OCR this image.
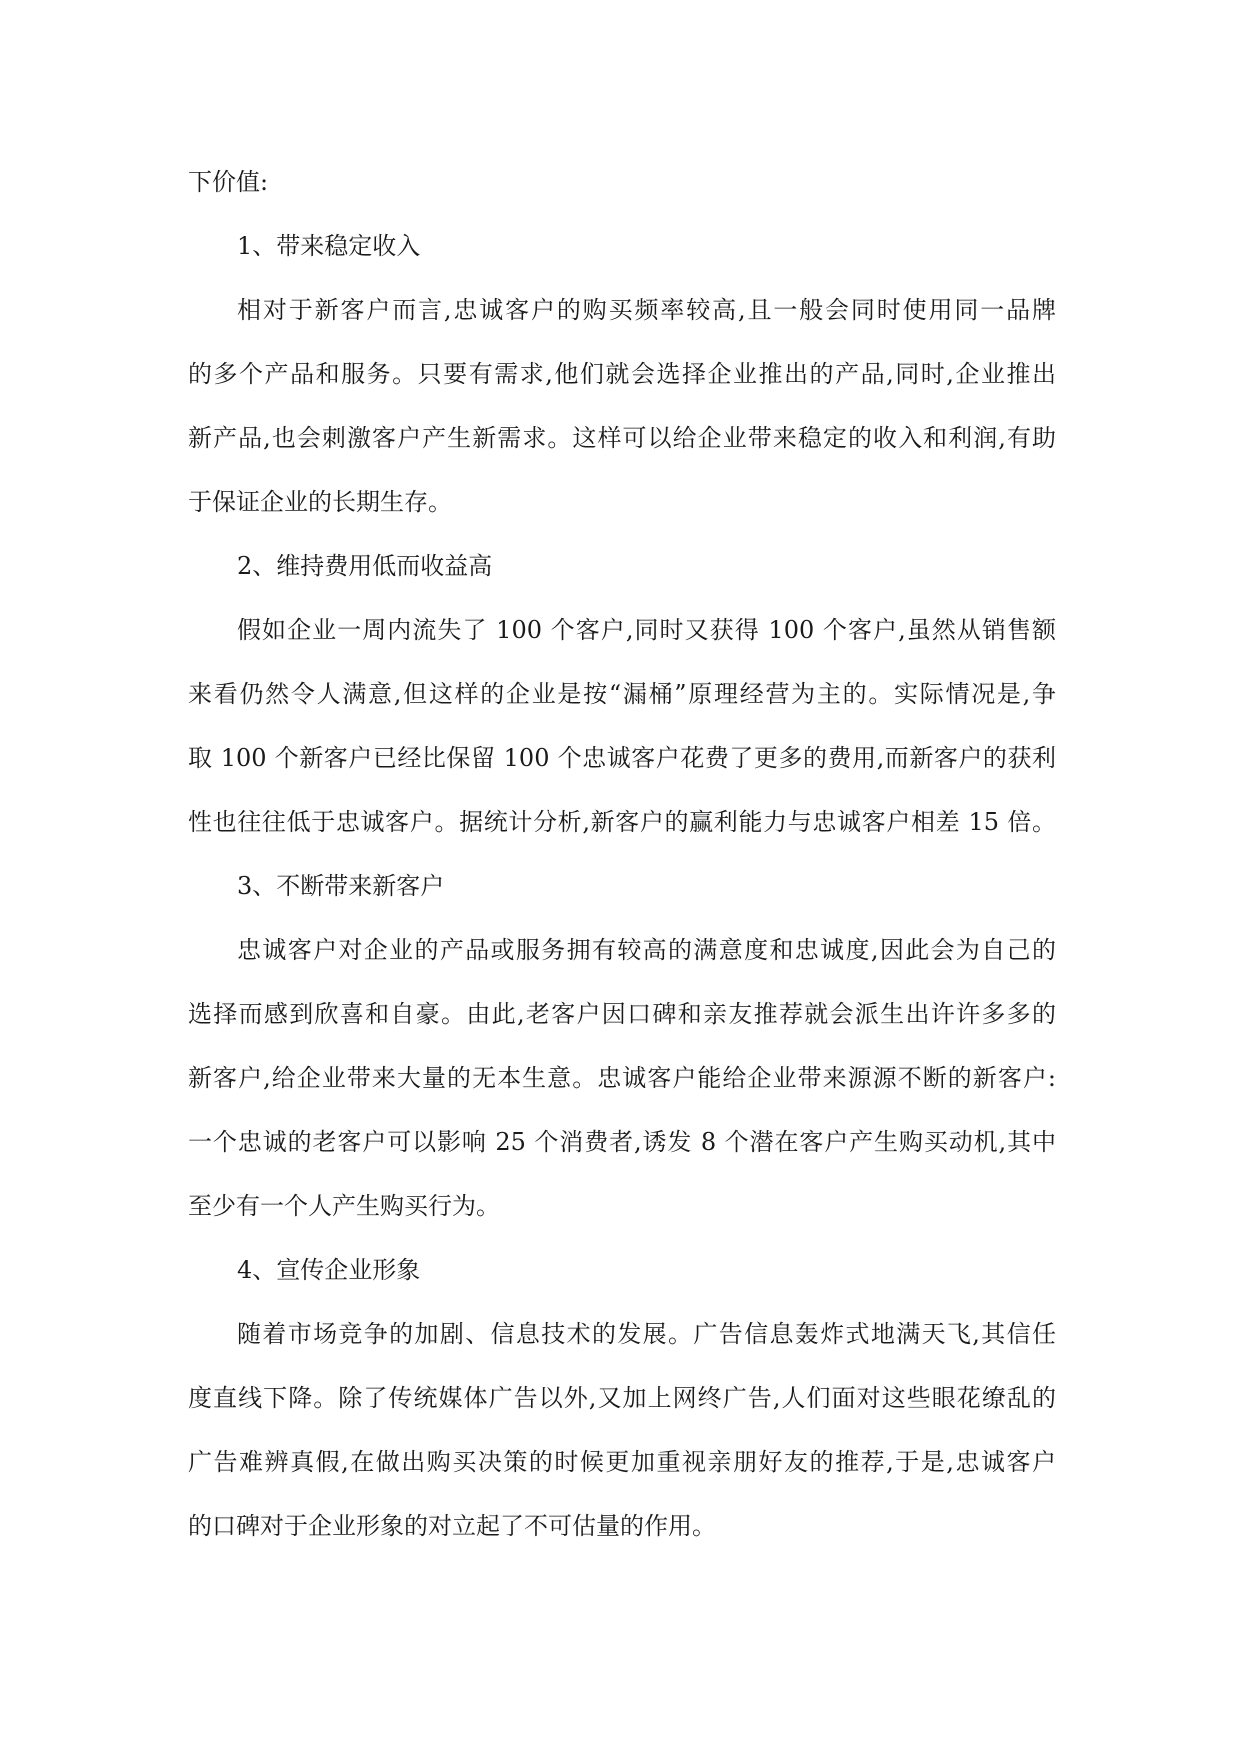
下价值:
1、带来稳定收入
相对于新客户而言,忠诚客户的购买频率较高,且一般会同时使用同一品牌
的多个产品和服务。只要有需求,他们就会选择企业推出的产品,同时,企业推出
新产品,也会刺激客户产生新需求。这样可以给企业带来稳定的收入和利润,有助
于保证企业的长期生存。
2、维持费用低而收益高
假如企业一周内流失了 100 个客户,同时又获得 100 个客户,虽然从销售额
来看仍然令人满意,但这样的企业是按“漏桶”原理经营为主的。实际情况是,争
取 100 个新客户已经比保留 100 个忠诚客户花费了更多的费用,而新客户的获利
性也往往低于忠诚客户。据统计分析,新客户的赢利能力与忠诚客户相差 15 倍。
3、不断带来新客户
忠诚客户对企业的产品或服务拥有较高的满意度和忠诚度,因此会为自己的
选择而感到欣喜和自豪。由此,老客户因口碑和亲友推荐就会派生出许许多多的
新客户,给企业带来大量的无本生意。忠诚客户能给企业带来源源不断的新客户:
一个忠诚的老客户可以影响 25 个消费者,诱发 8 个潜在客户产生购买动机,其中
至少有一个人产生购买行为。
4、宣传企业形象
随着市场竞争的加剧、信息技术的发展。广告信息轰炸式地满天飞,其信任
度直线下降。除了传统媒体广告以外,又加上网终广告,人们面对这些眼花缭乱的
广告难辨真假,在做出购买决策的时候更加重视亲朋好友的推荐,于是,忠诚客户
的口碑对于企业形象的对立起了不可估量的作用。
